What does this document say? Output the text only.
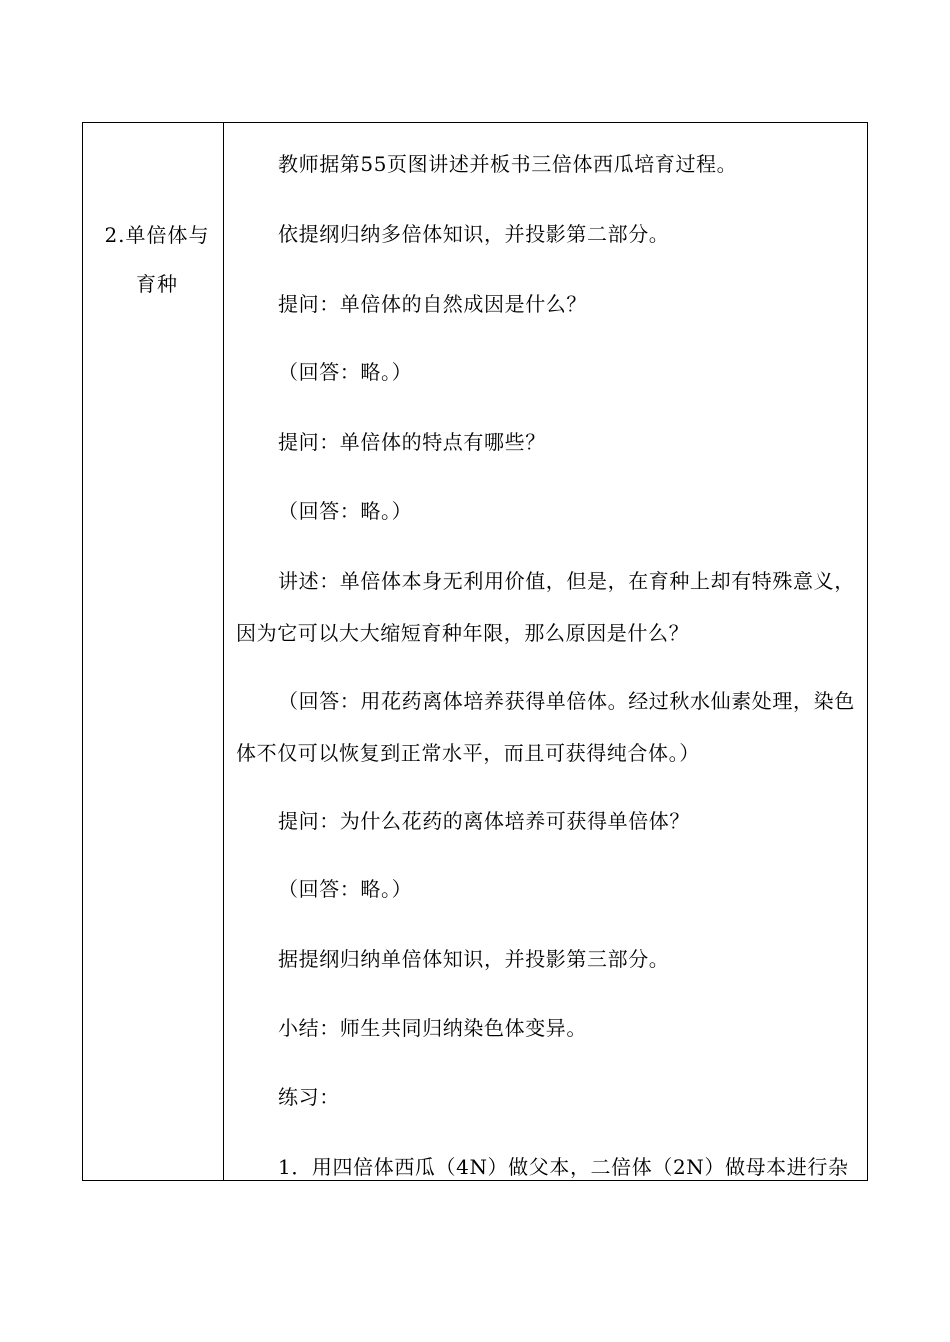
2.单倍体与
育种
教师据第55页图讲述并板书三倍体西瓜培育过程。
依提纲归纳多倍体知识，并投影第二部分。
提问：单倍体的自然成因是什么？
（回答：略。）
提问：单倍体的特点有哪些？
（回答：略。）
讲述：单倍体本身无利用价值，但是，在育种上却有特殊意义，因为它可以大大缩短育种年限，那么原因是什么？
（回答：用花药离体培养获得单倍体。经过秋水仙素处理，染色体不仅可以恢复到正常水平，而且可获得纯合体。）
提问：为什么花药的离体培养可获得单倍体？
（回答：略。）
据提纲归纳单倍体知识，并投影第三部分。
小结：师生共同归纳染色体变异。
练习：
1．用四倍体西瓜（4N）做父本，二倍体（2N）做母本进行杂
